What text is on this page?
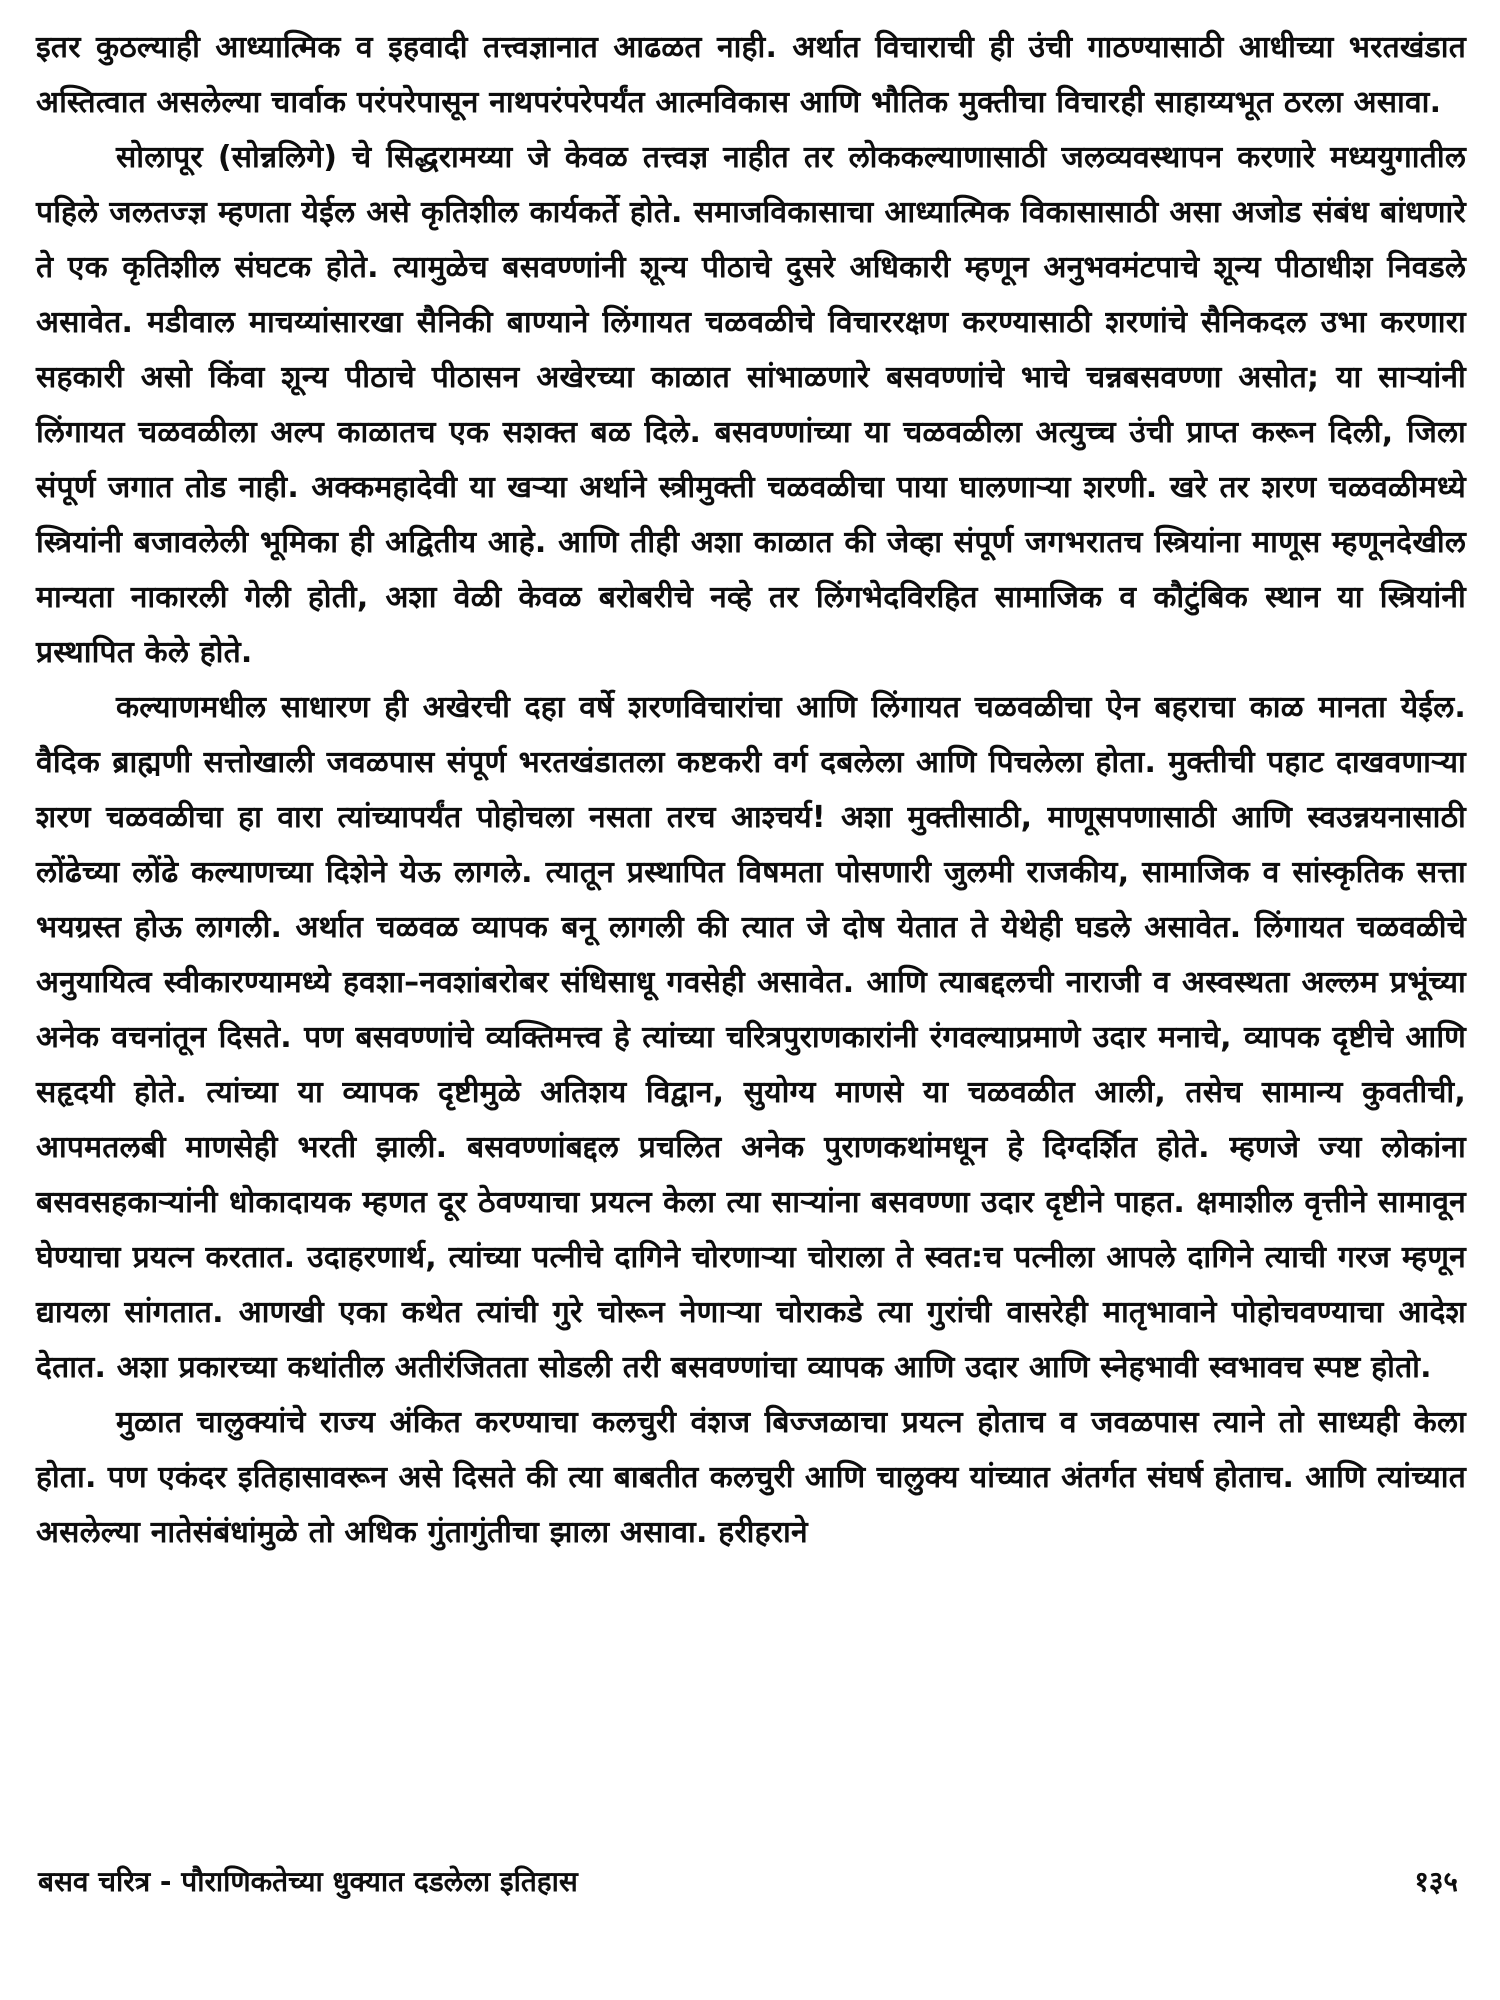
इतर कुठल्याही आध्यात्मिक व इहवादी तत्त्वज्ञानात आढळत नाही. अर्थात विचाराची ही उंची गाठण्यासाठी आधीच्या भरतखंडात अस्तित्वात असलेल्या चार्वाक परंपरेपासून नाथपरंपरेपर्यंत आत्मविकास आणि भौतिक मुक्तीचा विचारही साहाय्यभूत ठरला असावा.

सोलापूर (सोन्नलिगे) चे सिद्धरामय्या जे केवळ तत्त्वज्ञ नाहीत तर लोककल्याणासाठी जलव्यवस्थापन करणारे मध्ययुगातील पहिले जलतज्ज्ञ म्हणता येईल असे कृतिशील कार्यकर्ते होते. समाजविकासाचा आध्यात्मिक विकासासाठी असा अजोड संबंध बांधणारे ते एक कृतिशील संघटक होते. त्यामुळेच बसवण्णांनी शून्य पीठाचे दुसरे अधिकारी म्हणून अनुभवमंटपाचे शून्य पीठाधीश निवडले असावेत. मडीवाल माचय्यांसारखा सैनिकी बाण्याने लिंगायत चळवळीचे विचाररक्षण करण्यासाठी शरणांचे सैनिकदल उभा करणारा सहकारी असो किंवा शून्य पीठाचे पीठासन अखेरच्या काळात सांभाळणारे बसवण्णांचे भाचे चन्नबसवण्णा असोत; या साऱ्यांनी लिंगायत चळवळीला अल्प काळातच एक सशक्त बळ दिले. बसवण्णांच्या या चळवळीला अत्युच्च उंची प्राप्त करून दिली, जिला संपूर्ण जगात तोड नाही. अक्कमहादेवी या खऱ्या अर्थाने स्त्रीमुक्ती चळवळीचा पाया घालणाऱ्या शरणी. खरे तर शरण चळवळीमध्ये स्त्रियांनी बजावलेली भूमिका ही अद्वितीय आहे. आणि तीही अशा काळात की जेव्हा संपूर्ण जगभरातच स्त्रियांना माणूस म्हणूनदेखील मान्यता नाकारली गेली होती, अशा वेळी केवळ बरोबरीचे नव्हे तर लिंगभेदविरहित सामाजिक व कौटुंबिक स्थान या स्त्रियांनी प्रस्थापित केले होते.

कल्याणमधील साधारण ही अखेरची दहा वर्षे शरणविचारांचा आणि लिंगायत चळवळीचा ऐन बहराचा काळ मानता येईल. वैदिक ब्राह्मणी सत्तोखाली जवळपास संपूर्ण भरतखंडातला कष्टकरी वर्ग दबलेला आणि पिचलेला होता. मुक्तीची पहाट दाखवणाऱ्या शरण चळवळीचा हा वारा त्यांच्यापर्यंत पोहोचला नसता तरच आश्चर्य! अशा मुक्तीसाठी, माणूसपणासाठी आणि स्वउन्नयनासाठी लोंढेच्या लोंढे कल्याणच्या दिशेने येऊ लागले. त्यातून प्रस्थापित विषमता पोसणारी जुलमी राजकीय, सामाजिक व सांस्कृतिक सत्ता भयग्रस्त होऊ लागली. अर्थात चळवळ व्यापक बनू लागली की त्यात जे दोष येतात ते येथेही घडले असावेत. लिंगायत चळवळीचे अनुयायित्व स्वीकारण्यामध्ये हवशा–नवशांबरोबर संधिसाधू गवसेही असावेत. आणि त्याबद्दलची नाराजी व अस्वस्थता अल्लम प्रभूंच्या अनेक वचनांतून दिसते. पण बसवण्णांचे व्यक्तिमत्त्व हे त्यांच्या चरित्रपुराणकारांनी रंगवल्याप्रमाणे उदार मनाचे, व्यापक दृष्टीचे आणि सहृदयी होते. त्यांच्या या व्यापक दृष्टीमुळे अतिशय विद्वान, सुयोग्य माणसे या चळवळीत आली, तसेच सामान्य कुवतीची, आपमतलबी माणसेही भरती झाली. बसवण्णांबद्दल प्रचलित अनेक पुराणकथांमधून हे दिग्दर्शित होते. म्हणजे ज्या लोकांना बसवसहकाऱ्यांनी धोकादायक म्हणत दूर ठेवण्याचा प्रयत्न केला त्या साऱ्यांना बसवण्णा उदार दृष्टीने पाहत. क्षमाशील वृत्तीने सामावून घेण्याचा प्रयत्न करतात. उदाहरणार्थ, त्यांच्या पत्नीचे दागिने चोरणाऱ्या चोराला ते स्वत:च पत्नीला आपले दागिने त्याची गरज म्हणून द्यायला सांगतात. आणखी एका कथेत त्यांची गुरे चोरून नेणाऱ्या चोराकडे त्या गुरांची वासरेही मातृभावाने पोहोचवण्याचा आदेश देतात. अशा प्रकारच्या कथांतील अतीरंजितता सोडली तरी बसवण्णांचा व्यापक आणि उदार आणि स्नेहभावी स्वभावच स्पष्ट होतो.

मुळात चालुक्यांचे राज्य अंकित करण्याचा कलचुरी वंशज बिज्जळाचा प्रयत्न होताच व जवळपास त्याने तो साध्यही केला होता. पण एकंदर इतिहासावरून असे दिसते की त्या बाबतीत कलचुरी आणि चालुक्य यांच्यात अंतर्गत संघर्ष होताच. आणि त्यांच्यात असलेल्या नातेसंबंधांमुळे तो अधिक गुंतागुंतीचा झाला असावा. हरीहराने

बसव चरित्र - पौराणिकतेच्या धुक्यात दडलेला इतिहास	१३५
